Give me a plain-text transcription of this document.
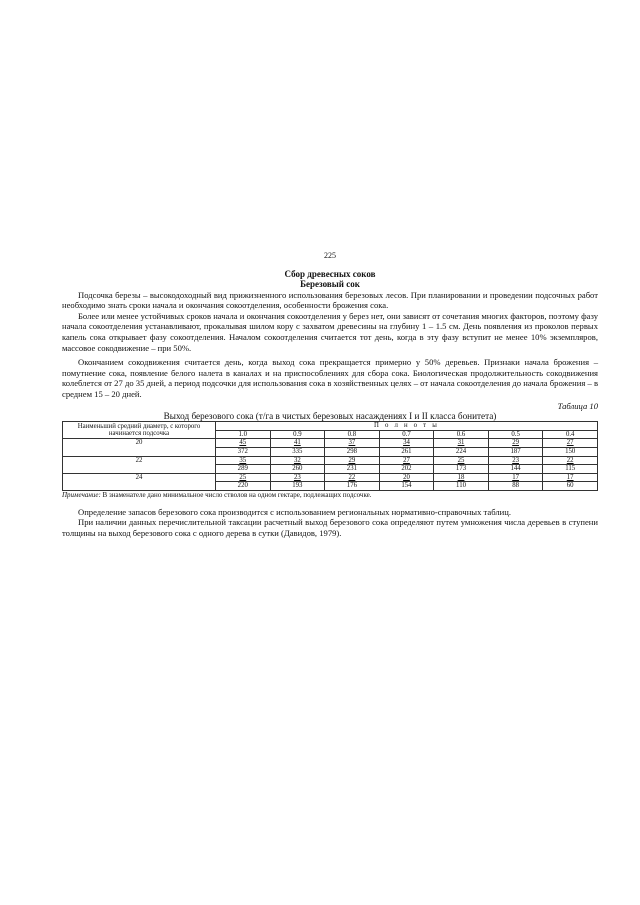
225
Сбор древесных соков
Березовый сок

Подсочка березы – высокодоходный вид прижизненного использования березовых лесов. При планировании и проведении подсочных работ необходимо знать сроки начала и окончания сокоотделения, особенности брожения сока.

Более или менее устойчивых сроков начала и окончания сокоотделения у берез нет, они зависят от сочетания многих факторов, поэтому фазу начала сокоотделения устанавливают, прокалывая шилом кору с захватом древесины на глубину 1 – 1.5 см. День появления из проколов первых капель сока открывает фазу сокоотделения. Началом сокоотделения считается тот день, когда в эту фазу вступит не менее 10% экземпляров, массовое сокодвижение – при 50%.

Окончанием сокодвижения считается день, когда выход сока прекращается примерно у 50% деревьев. Признаки начала брожения – помутнение сока, появление белого налета в каналах и на приспособлениях для сбора сока. Биологическая продолжительность сокодвижения колеблется от 27 до 35 дней, а период подсочки для использования сока в хозяйственных целях – от начала сокоотделения до начала брожения – в среднем 15 – 20 дней.

Таблица 10
Выход березового сока (т/га в чистых березовых насаждениях I и II класса бонитета)
Наименьший средний диаметр, с которого начинается подсочка	П о л н о т ы						
	1.0	0.9	0.8	0.7	0.6	0.5	0.4
20	45	41	37	34	31	29	27
	372	335	298	261	224	187	150
22	35	32	29	27	25	23	22
	289	260	231	202	173	144	115
24	25	23	22	20	18	17	17
	220	193	176	154	110	88	60
Примечание: В знаменателе дано минимальное число стволов на одном гектаре, подлежащих подсочке.

Определение запасов березового сока производится с использованием региональных нормативно-справочных таблиц.

При наличии данных перечислительной таксации расчетный выход березового сока определяют путем умножения числа деревьев в ступени толщины на выход березового сока с одного дерева в сутки (Давидов, 1979).
